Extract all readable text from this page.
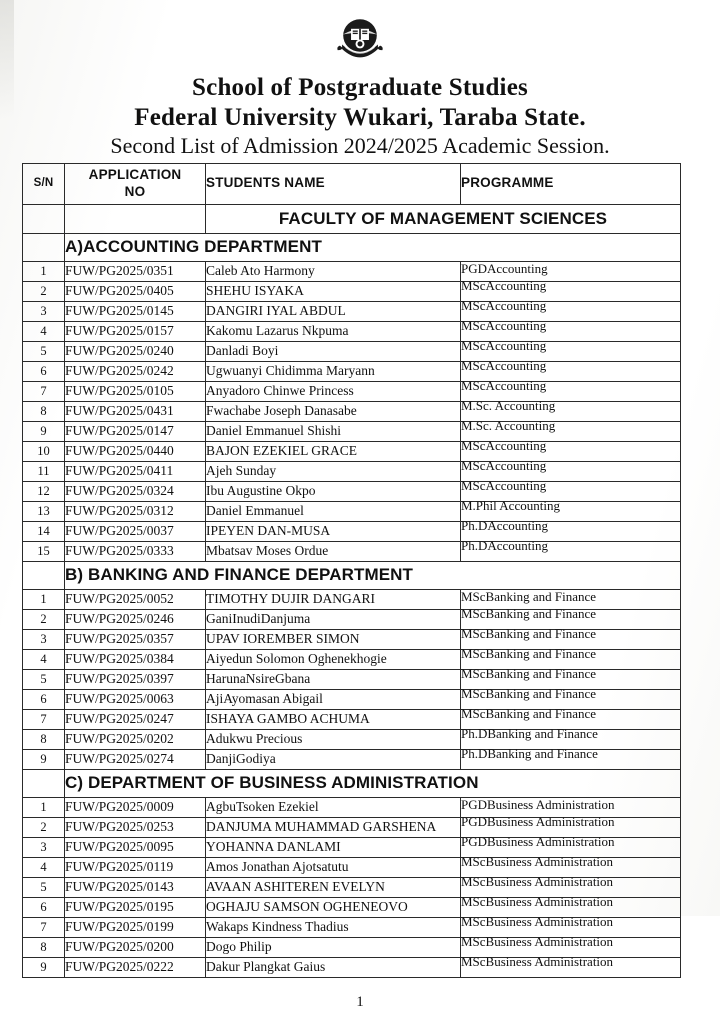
School of Postgraduate Studies
Federal University Wukari, Taraba State.

Second List of Admission 2024/2025 Academic Session.

S/N	APPLICATION
NO	STUDENTS NAME	PROGRAMME
		FACULTY OF MANAGEMENT SCIENCES	
	A)ACCOUNTING DEPARTMENT		
1	FUW/PG2025/0351	Caleb Ato Harmony	PGDAccounting

2	FUW/PG2025/0405	SHEHU ISYAKA	MScAccounting

3	FUW/PG2025/0145	DANGIRI IYAL ABDUL	MScAccounting

4	FUW/PG2025/0157	Kakomu Lazarus Nkpuma	MScAccounting

5	FUW/PG2025/0240	Danladi Boyi	MScAccounting

6	FUW/PG2025/0242	Ugwuanyi Chidimma Maryann	MScAccounting

7	FUW/PG2025/0105	Anyadoro Chinwe Princess	MScAccounting

8	FUW/PG2025/0431	Fwachabe Joseph Danasabe	M.Sc. Accounting

9	FUW/PG2025/0147	Daniel Emmanuel Shishi	M.Sc. Accounting

10	FUW/PG2025/0440	BAJON EZEKIEL GRACE	MScAccounting

11	FUW/PG2025/0411	Ajeh Sunday	MScAccounting

12	FUW/PG2025/0324	Ibu Augustine Okpo	MScAccounting

13	FUW/PG2025/0312	Daniel Emmanuel	M.Phil Accounting

14	FUW/PG2025/0037	IPEYEN DAN-MUSA	Ph.DAccounting

15	FUW/PG2025/0333	Mbatsav Moses Ordue	Ph.DAccounting

	B) BANKING AND FINANCE DEPARTMENT		
1	FUW/PG2025/0052	TIMOTHY DUJIR DANGARI	MScBanking and Finance

2	FUW/PG2025/0246	GaniInudiDanjuma	MScBanking and Finance

3	FUW/PG2025/0357	UPAV IOREMBER SIMON	MScBanking and Finance

4	FUW/PG2025/0384	Aiyedun Solomon Oghenekhogie	MScBanking and Finance

5	FUW/PG2025/0397	HarunaNsireGbana	MScBanking and Finance

6	FUW/PG2025/0063	AjiAyomasan Abigail	MScBanking and Finance

7	FUW/PG2025/0247	ISHAYA GAMBO ACHUMA	MScBanking and Finance

8	FUW/PG2025/0202	Adukwu Precious	Ph.DBanking and Finance

9	FUW/PG2025/0274	DanjiGodiya	Ph.DBanking and Finance

	C) DEPARTMENT OF BUSINESS ADMINISTRATION		
1	FUW/PG2025/0009	AgbuTsoken Ezekiel	PGDBusiness Administration

2	FUW/PG2025/0253	DANJUMA MUHAMMAD GARSHENA	PGDBusiness Administration

3	FUW/PG2025/0095	YOHANNA DANLAMI	PGDBusiness Administration

4	FUW/PG2025/0119	Amos Jonathan Ajotsatutu	MScBusiness Administration

5	FUW/PG2025/0143	AVAAN ASHITEREN EVELYN	MScBusiness Administration

6	FUW/PG2025/0195	OGHAJU SAMSON OGHENEOVO	MScBusiness Administration

7	FUW/PG2025/0199	Wakaps Kindness Thadius	MScBusiness Administration

8	FUW/PG2025/0200	Dogo Philip	MScBusiness Administration

9	FUW/PG2025/0222	Dakur Plangkat Gaius	MScBusiness Administration
1
